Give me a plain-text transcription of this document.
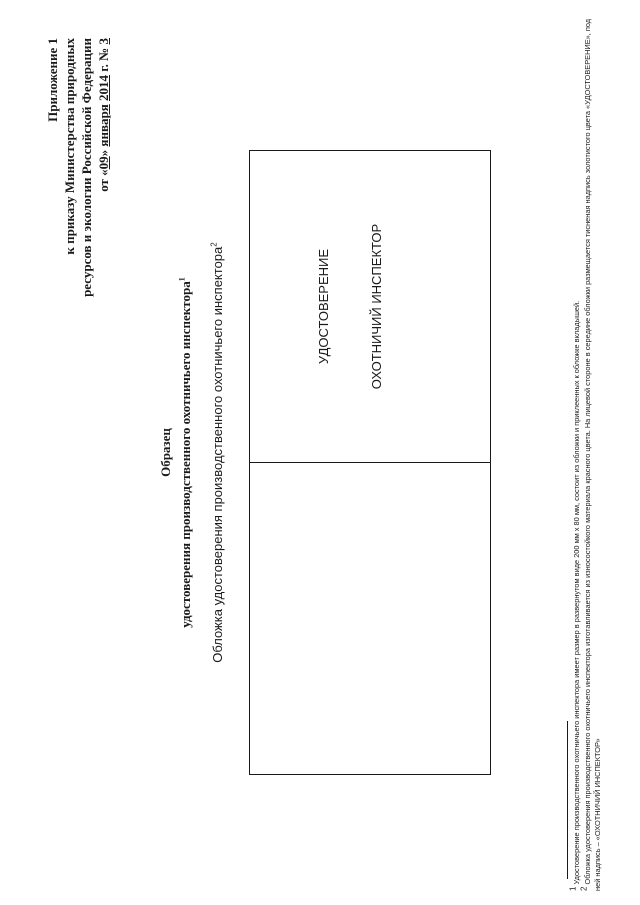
Приложение 1 к приказу Министерства природных ресурсов и экологии Российской Федерации от «09» января 2014 г. № 3
Образец удостоверения производственного охотничьего инспектора$^1$	Обложка удостоверения производственного охотничьего инспектора$^2$
УДОСТОВЕРЕНИЕ	ОХОТНИЧИЙ ИНСПЕКТОР

$^1$ Удостоверение производственного охотничьего инспектора имеет размер в развернутом виде 200 мм х 80 мм, состоит из обложки и приклеенных к обложке вкладышей.

$^2$ Обложка удостоверения производственного охотничьего инспектора изготавливается из износостойкого материала красного цвета. На лицевой стороне в середине обложки размещается тисненая надпись золотистого цвета «УДОСТОВЕРЕНИЕ», под ней надпись – «ОХОТНИЧИЙ ИНСПЕКТОР»
